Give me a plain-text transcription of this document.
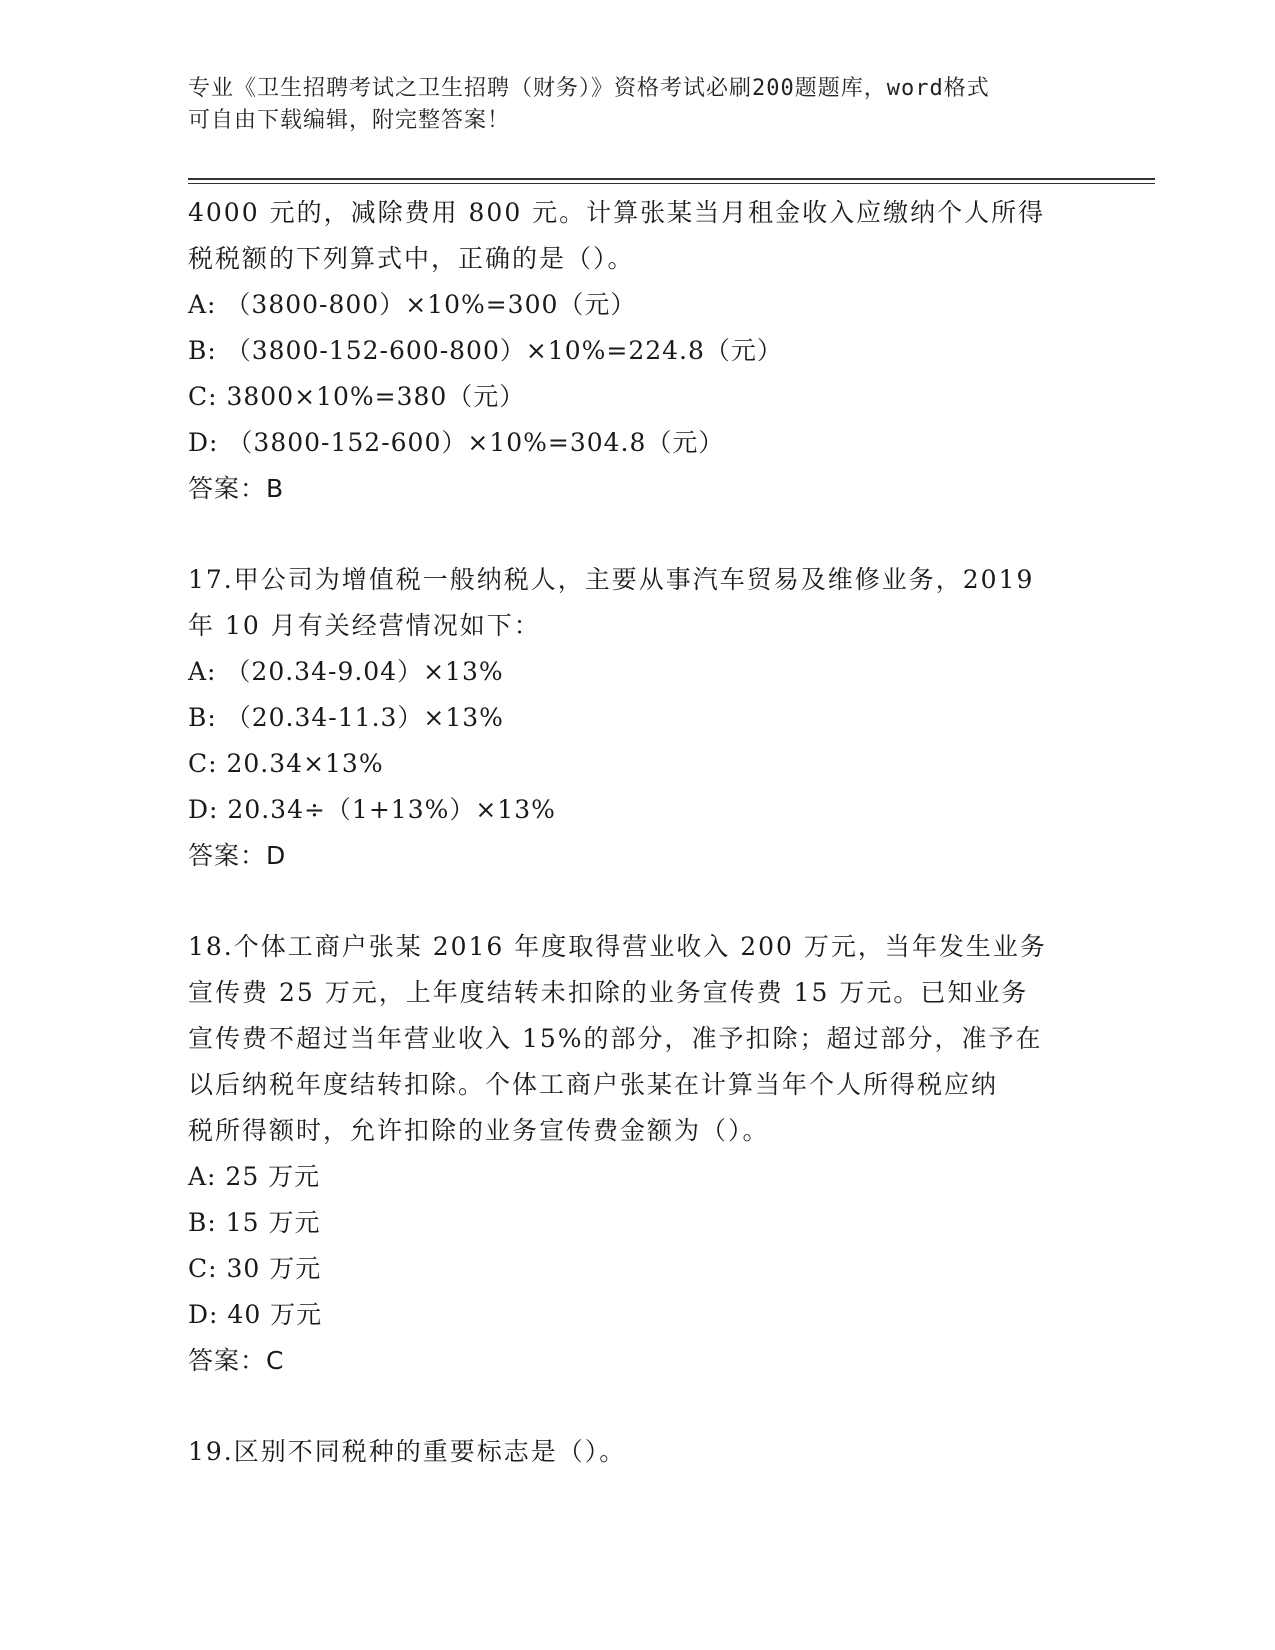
专业《卫生招聘考试之卫生招聘（财务）》资格考试必刷200题题库，word格式
可自由下载编辑，附完整答案！
4000 元的，减除费用 800 元。计算张某当月租金收入应缴纳个人所得
税税额的下列算式中，正确的是（）。
A: （3800-800）×10%=300（元）
B: （3800-152-600-800）×10%=224.8（元）
C: 3800×10%=380（元）
D: （3800-152-600）×10%=304.8（元）
答案：B
17.甲公司为增值税一般纳税人，主要从事汽车贸易及维修业务，2019
年 10 月有关经营情况如下：
A: （20.34-9.04）×13%
B: （20.34-11.3）×13%
C: 20.34×13%
D: 20.34÷（1+13%）×13%
答案：D
18.个体工商户张某 2016 年度取得营业收入 200 万元，当年发生业务
宣传费 25 万元，上年度结转未扣除的业务宣传费 15 万元。已知业务
宣传费不超过当年营业收入 15%的部分，准予扣除；超过部分，准予在
以后纳税年度结转扣除。个体工商户张某在计算当年个人所得税应纳
税所得额时，允许扣除的业务宣传费金额为（）。
A: 25 万元
B: 15 万元
C: 30 万元
D: 40 万元
答案：C
19.区别不同税种的重要标志是（）。
